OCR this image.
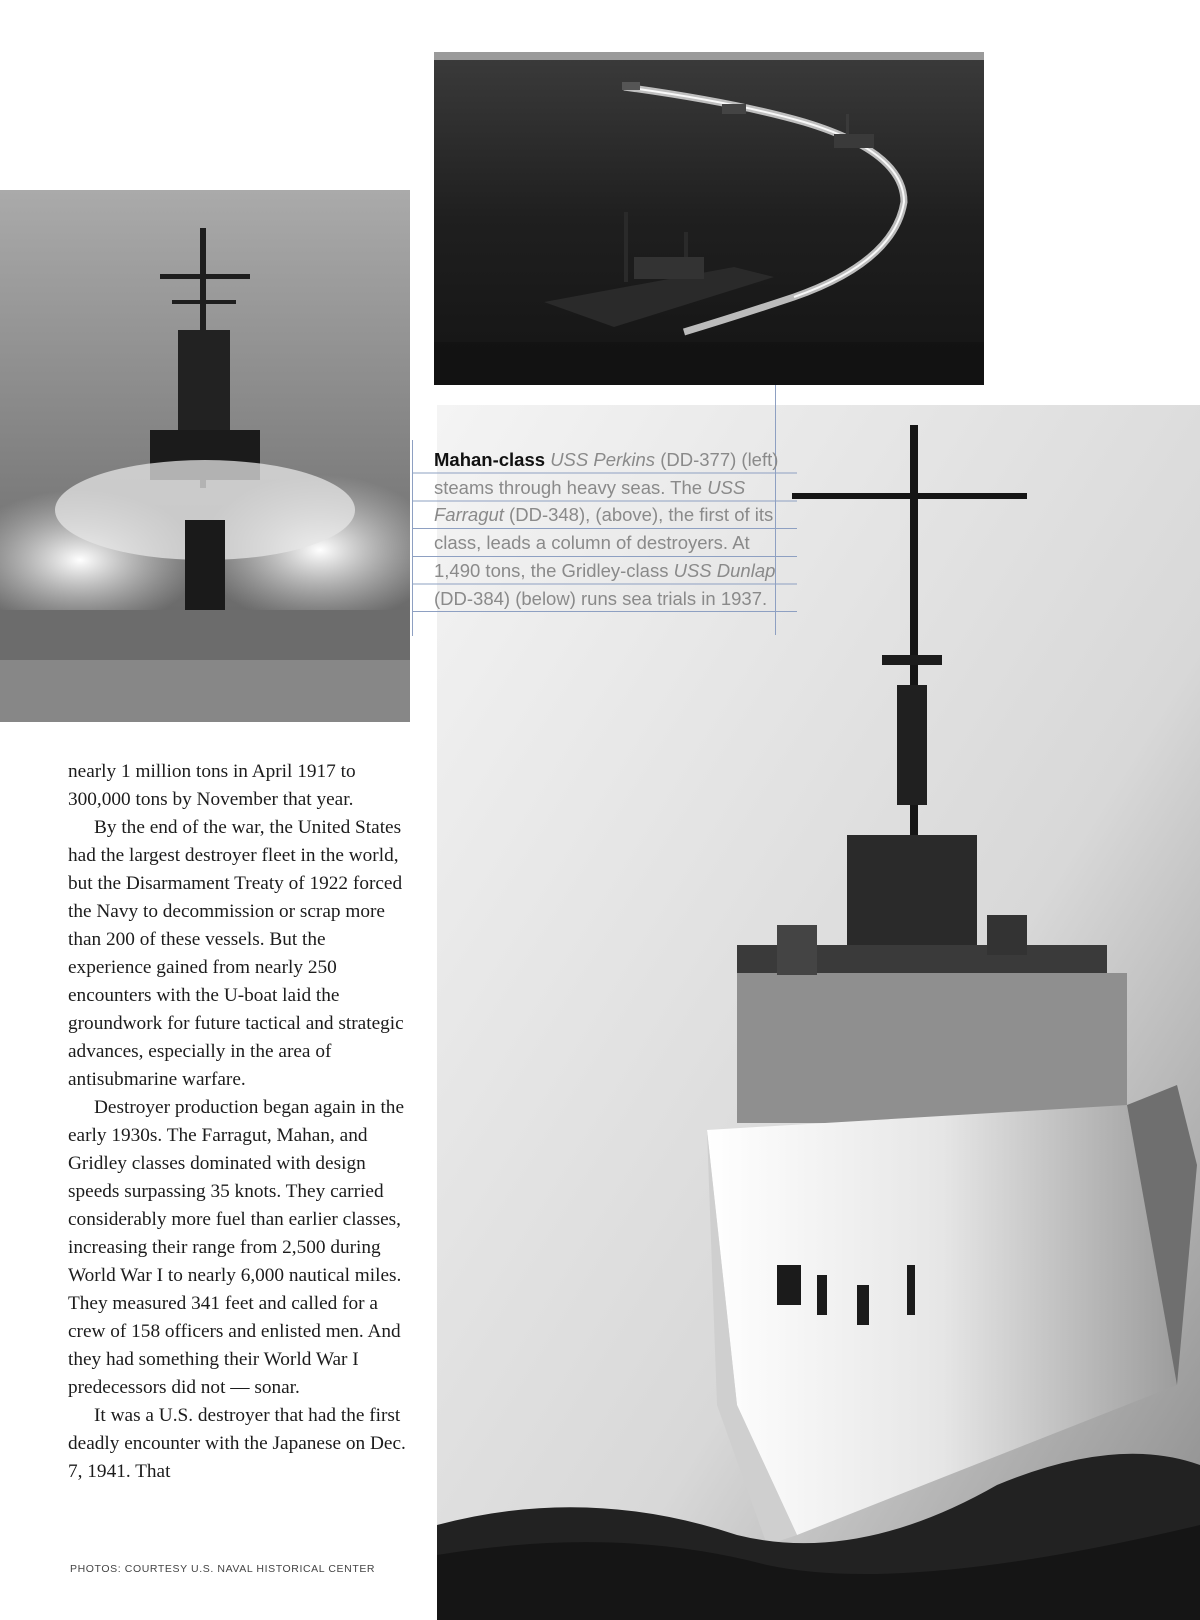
Mahan-class USS Perkins (DD-377) (left) steams through heavy seas. The USS Farragut (DD-348), (above), the first of its class, leads a column of destroyers. At 1,490 tons, the Gridley-class USS Dunlap (DD-384) (below) runs sea trials in 1937.

nearly 1 million tons in April 1917 to 300,000 tons by November that year.

By the end of the war, the United States had the largest destroyer fleet in the world, but the Disarmament Treaty of 1922 forced the Navy to decommission or scrap more than 200 of these vessels. But the experience gained from nearly 250 encounters with the U-boat laid the groundwork for future tactical and strategic advances, especially in the area of antisubmarine warfare.

Destroyer production began again in the early 1930s. The Farragut, Mahan, and Gridley classes dominated with design speeds surpassing 35 knots. They carried considerably more fuel than earlier classes, increasing their range from 2,500 during World War I to nearly 6,000 nautical miles. They measured 341 feet and called for a crew of 158 officers and enlisted men. And they had something their World War I predecessors did not — sonar.

It was a U.S. destroyer that had the first deadly encounter with the Japanese on Dec. 7, 1941. That

PHOTOS: COURTESY U.S. NAVAL HISTORICAL CENTER
